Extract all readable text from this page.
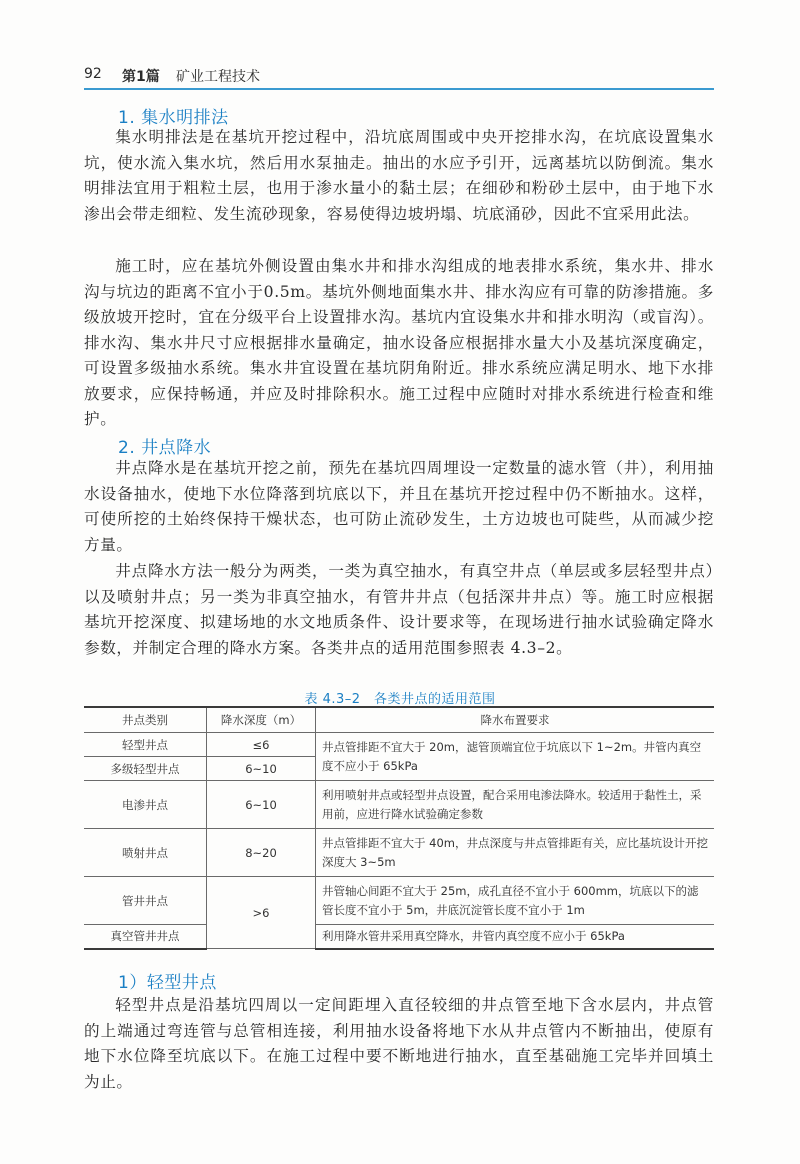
92 第1篇 矿业工程技术
1. 集水明排法

集水明排法是在基坑开挖过程中，沿坑底周围或中央开挖排水沟，在坑底设置集水坑，使水流入集水坑，然后用水泵抽走。抽出的水应予引开，远离基坑以防倒流。集水明排法宜用于粗粒土层，也用于渗水量小的黏土层；在细砂和粉砂土层中，由于地下水渗出会带走细粒、发生流砂现象，容易使得边坡坍塌、坑底涌砂，因此不宜采用此法。

施工时，应在基坑外侧设置由集水井和排水沟组成的地表排水系统，集水井、排水沟与坑边的距离不宜小于0.5m。基坑外侧地面集水井、排水沟应有可靠的防渗措施。多级放坡开挖时，宜在分级平台上设置排水沟。基坑内宜设集水井和排水明沟（或盲沟）。排水沟、集水井尺寸应根据排水量确定，抽水设备应根据排水量大小及基坑深度确定，可设置多级抽水系统。集水井宜设置在基坑阴角附近。排水系统应满足明水、地下水排放要求，应保持畅通，并应及时排除积水。施工过程中应随时对排水系统进行检查和维护。

2. 井点降水

井点降水是在基坑开挖之前，预先在基坑四周埋设一定数量的滤水管（井），利用抽水设备抽水，使地下水位降落到坑底以下，并且在基坑开挖过程中仍不断抽水。这样，可使所挖的土始终保持干燥状态，也可防止流砂发生，土方边坡也可陡些，从而减少挖方量。

井点降水方法一般分为两类，一类为真空抽水，有真空井点（单层或多层轻型井点）以及喷射井点；另一类为非真空抽水，有管井井点（包括深井井点）等。施工时应根据基坑开挖深度、拟建场地的水文地质条件、设计要求等，在现场进行抽水试验确定降水参数，并制定合理的降水方案。各类井点的适用范围参照表 4.3–2。

表 4.3–2　各类井点的适用范围
井点类别	降水深度（m）	降水布置要求
轻型井点	≤6	井点管排距不宜大于 20m，滤管顶端宜位于坑底以下 1~2m。井管内真空度不应小于 65kPa
多级轻型井点	6~10	
电渗井点	6~10	利用喷射井点或轻型井点设置，配合采用电渗法降水。较适用于黏性土，采用前，应进行降水试验确定参数
喷射井点	8~20	井点管排距不宜大于 40m，井点深度与井点管排距有关，应比基坑设计开挖深度大 3~5m
管井井点	>6	井管轴心间距不宜大于 25m，成孔直径不宜小于 600mm，坑底以下的滤管长度不宜小于 5m，井底沉淀管长度不宜小于 1m
真空管井井点		利用降水管井采用真空降水，井管内真空度不应小于 65kPa
1）轻型井点

轻型井点是沿基坑四周以一定间距埋入直径较细的井点管至地下含水层内，井点管的上端通过弯连管与总管相连接，利用抽水设备将地下水从井点管内不断抽出，使原有地下水位降至坑底以下。在施工过程中要不断地进行抽水，直至基础施工完毕并回填土为止。
